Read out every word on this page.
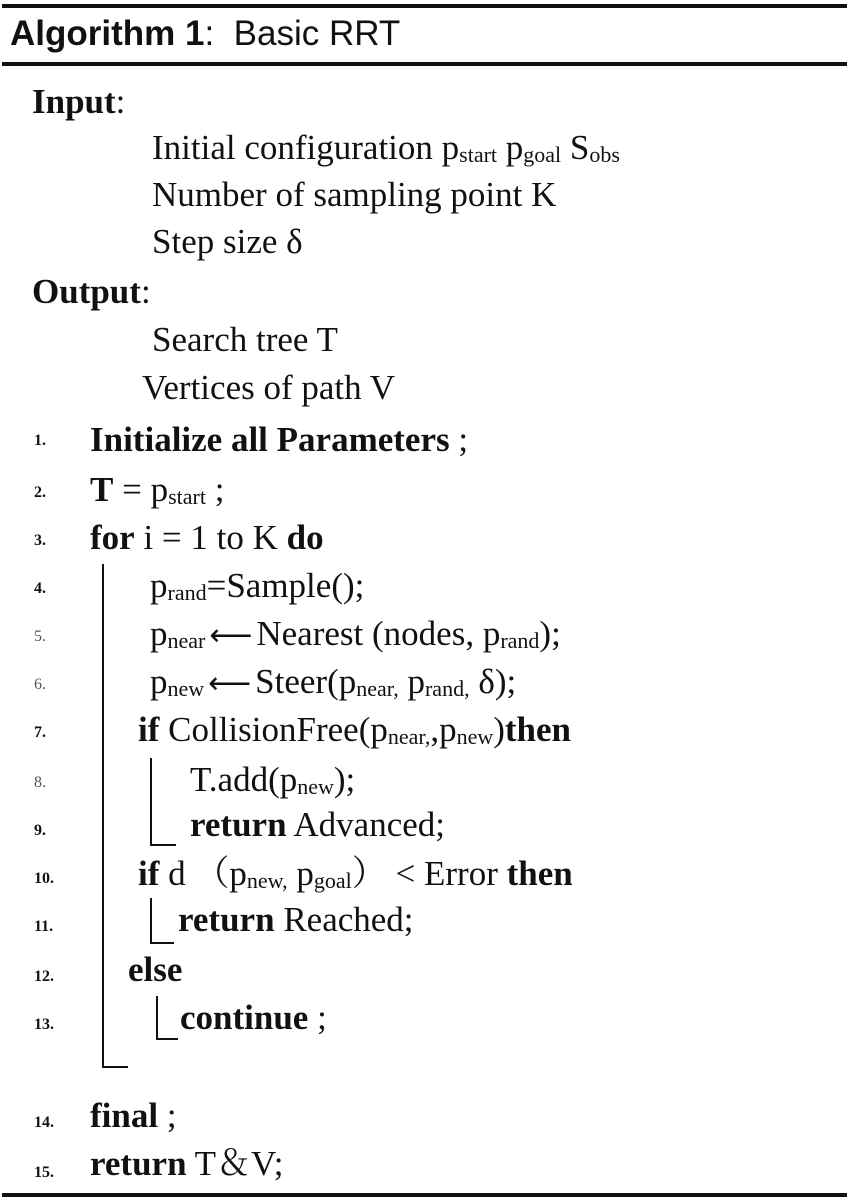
Algorithm 1: Basic RRT
Input:
Initial configuration $p_{start}$ $p_{goal}$ $S_{obs}$
Number of sampling point K
Step size δ
Output:
Search tree T
Vertices of path V
1. Initialize all Parameters ;
2. $T = p_{start}$ ;
3. for i = 1 to K do
4.	$p_{rand}=Sample()$;
5.	$p_{near}$ ⟵ Nearest (nodes, $p_{rand}$);
6.	$p_{new}$ ⟵ $Steer(p_{near,}$ $p_{rand,}$ δ);
7.	if $CollisionFree(p_{near,},p_{new})then$
8.	$T.add(p_{new})$;
9.	return Advanced;
10. if d （$p_{new,}$ $p_{goal}$） < Error then
11.	return Reached;
12. else
13.	continue ;
14. final ;
15. return T＆V;
